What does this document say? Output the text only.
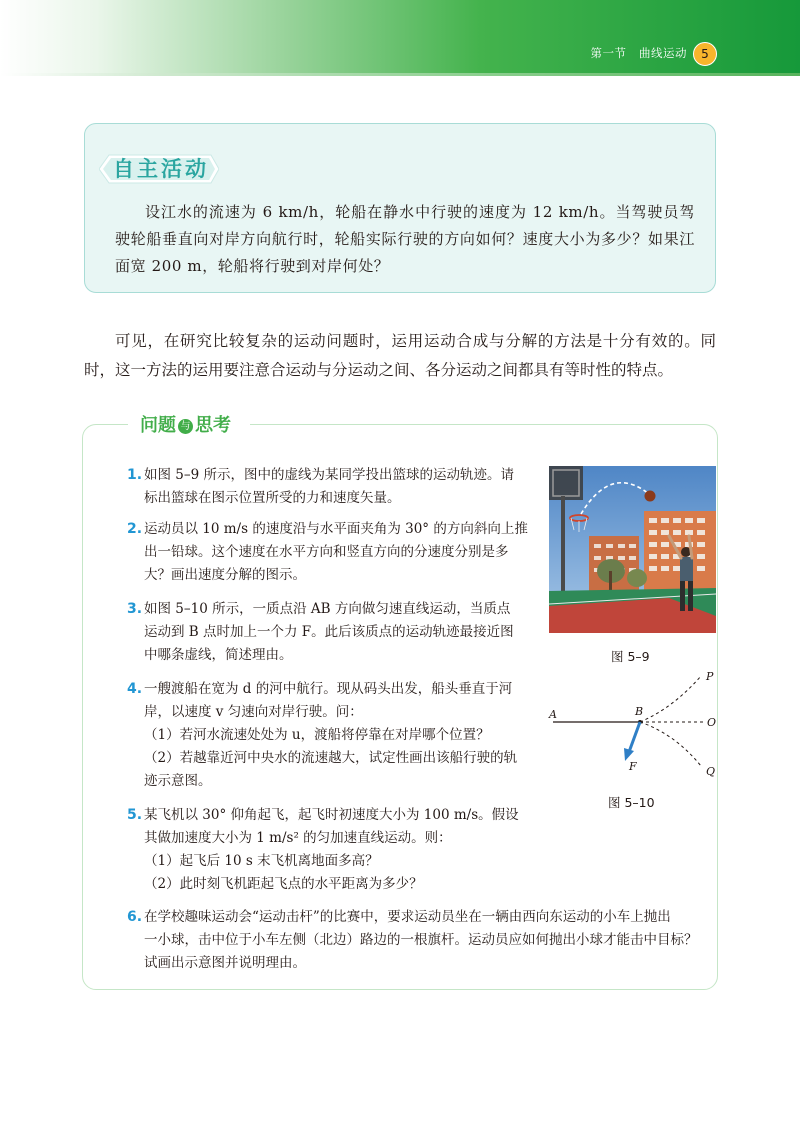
第一节 曲线运动	5
自主活动
设江水的流速为 6 km/h，轮船在静水中行驶的速度为 12 km/h。当驾驶员驾驶轮船垂直向对岸方向航行时，轮船实际行驶的方向如何？速度大小为多少？如果江面宽 200 m，轮船将行驶到对岸何处？
可见，在研究比较复杂的运动问题时，运用运动合成与分解的方法是十分有效的。同时，这一方法的运用要注意合运动与分运动之间、各分运动之间都具有等时性的特点。
问题 与 思考
1. 如图 5–9 所示，图中的虚线为某同学投出篮球的运动轨迹。请
标出篮球在图示位置所受的力和速度矢量。
2. 运动员以 10 m/s 的速度沿与水平面夹角为 30° 的方向斜向上推
出一铅球。这个速度在水平方向和竖直方向的分速度分别是多
大？画出速度分解的图示。
3. 如图 5–10 所示，一质点沿 AB 方向做匀速直线运动，当质点
运动到 B 点时加上一个力 F。此后该质点的运动轨迹最接近图
中哪条虚线，简述理由。
4. 一艘渡船在宽为 d 的河中航行。现从码头出发，船头垂直于河
岸，以速度 v 匀速向对岸行驶。问：
（1）若河水流速处处为 u，渡船将停靠在对岸哪个位置？
（2）若越靠近河中央水的流速越大，试定性画出该船行驶的轨
迹示意图。
5. 某飞机以 30° 仰角起飞，起飞时初速度大小为 100 m/s。假设
其做加速度大小为 1 m/s² 的匀加速直线运动。则：
（1）起飞后 10 s 末飞机离地面多高？
（2）此时刻飞机距起飞点的水平距离为多少？
6. 在学校趣味运动会“运动击杆”的比赛中，要求运动员坐在一辆由西向东运动的小车上抛出
一小球，击中位于小车左侧（北边）路边的一根旗杆。运动员应如何抛出小球才能击中目标？
试画出示意图并说明理由。
图 5–9
A	B
O
P
Q
F
图 5–10
